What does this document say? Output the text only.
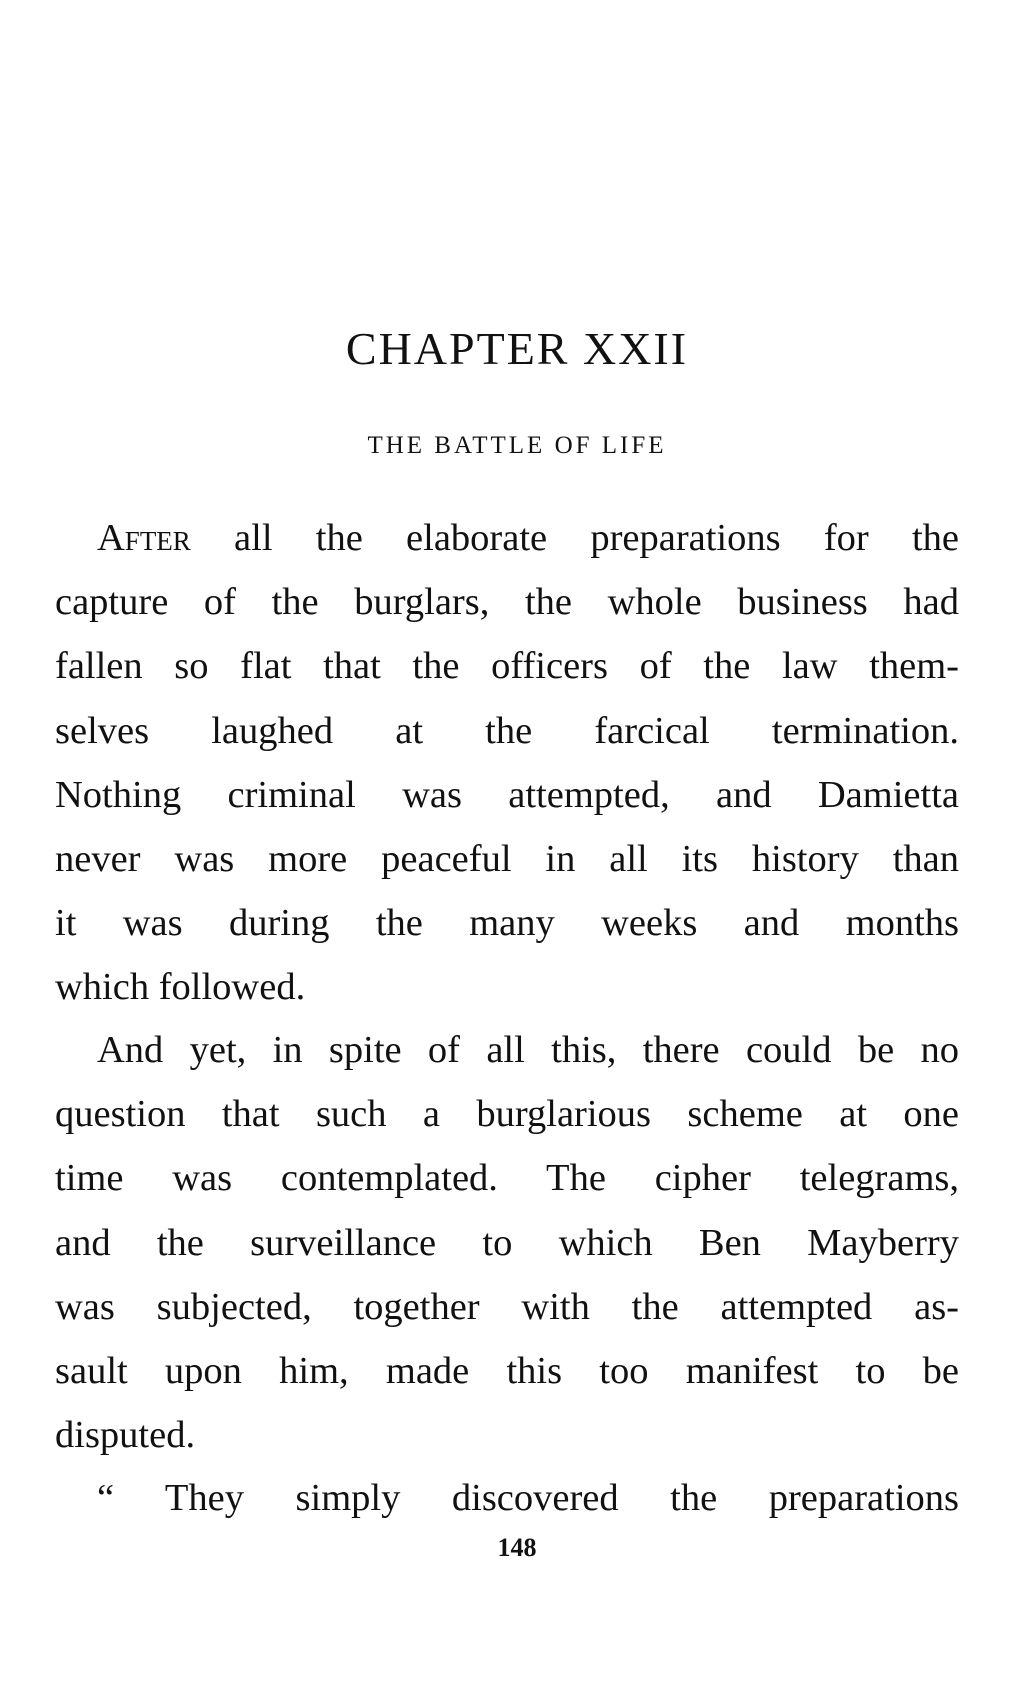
CHAPTER XXII
THE BATTLE OF LIFE
After all the elaborate preparations for the
capture of the burglars, the whole business had
fallen so flat that the officers of the law them-
selves laughed at the farcical termination.
Nothing criminal was attempted, and Damietta
never was more peaceful in all its history than
it was during the many weeks and months
which followed.
And yet, in spite of all this, there could be no
question that such a burglarious scheme at one
time was contemplated. The cipher telegrams,
and the surveillance to which Ben Mayberry
was subjected, together with the attempted as-
sault upon him, made this too manifest to be
disputed.
“ They simply discovered the preparations

148
